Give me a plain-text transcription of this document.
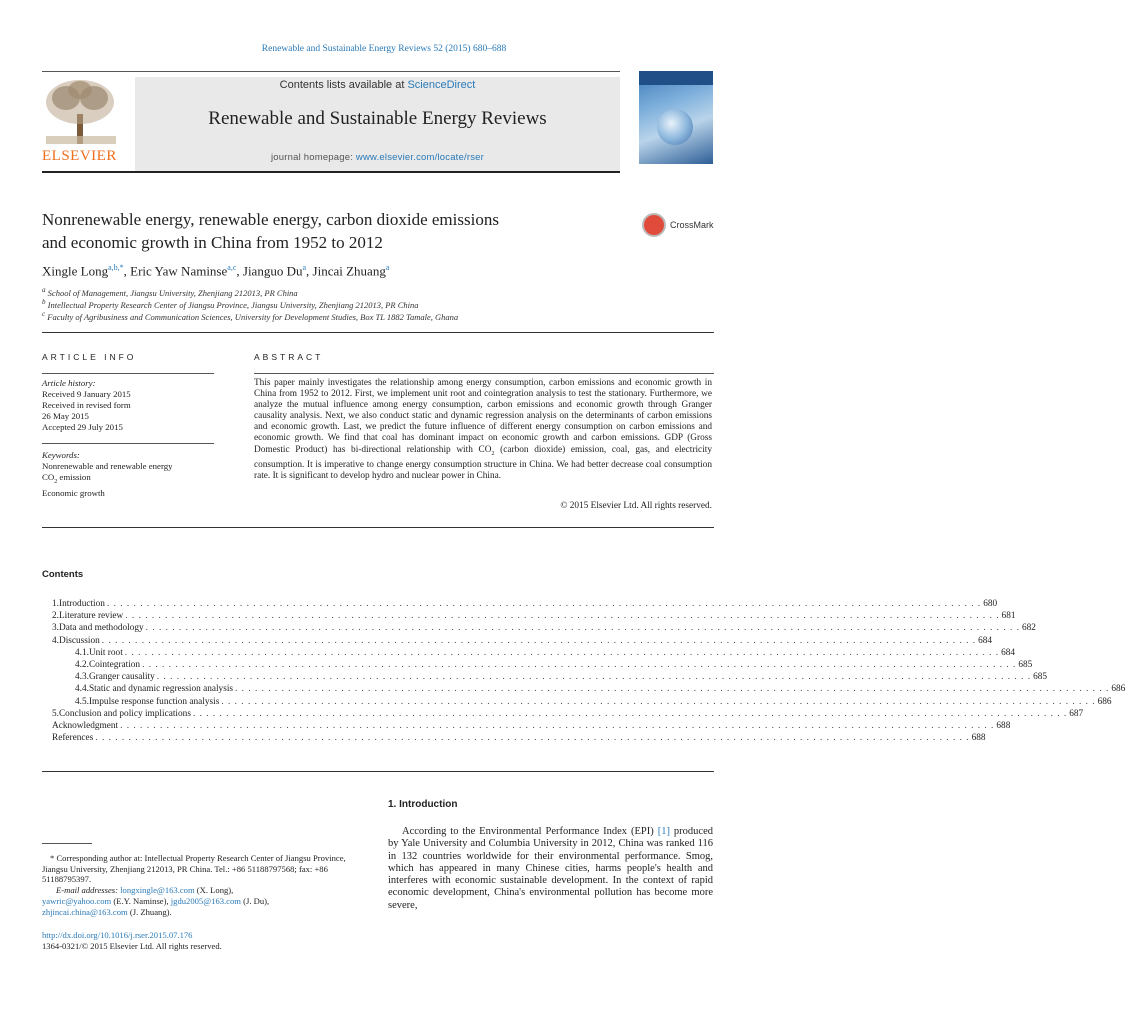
Renewable and Sustainable Energy Reviews 52 (2015) 680–688
ELSEVIER
Contents lists available at ScienceDirect
Renewable and Sustainable Energy Reviews
journal homepage: www.elsevier.com/locate/rser
Nonrenewable energy, renewable energy, carbon dioxide emissions
and economic growth in China from 1952 to 2012
CrossMark
Xingle Long$^{a,b,*}$, Eric Yaw Naminse$^{a,c}$, Jianguo Du$^a$, Jincai Zhuang$^a$
$^a$ School of Management, Jiangsu University, Zhenjiang 212013, PR China
$^b$ Intellectual Property Research Center of Jiangsu Province, Jiangsu University, Zhenjiang 212013, PR China
$^c$ Faculty of Agribusiness and Communication Sciences, University for Development Studies, Box TL 1882 Tamale, Ghana
ARTICLE INFO
Article history:
Received 9 January 2015
Received in revised form
26 May 2015
Accepted 29 July 2015
Keywords:
Nonrenewable and renewable energy
$CO_2$ emission
Economic growth
ABSTRACT
This paper mainly investigates the relationship among energy consumption, carbon emissions and economic growth in China from 1952 to 2012. First, we implement unit root and cointegration analysis to test the stationary. Furthermore, we analyze the mutual influence among energy consumption, carbon emissions and economic growth through Granger causality analysis. Next, we also conduct static and dynamic regression analysis on the determinants of carbon emissions and economic growth. Last, we predict the future influence of different energy consumption on carbon emissions and economic growth. We find that coal has dominant impact on economic growth and carbon emissions. GDP (Gross Domestic Product) has bi-directional relationship with $CO_2$ (carbon dioxide) emission, coal, gas, and electricity consumption. It is imperative to change energy consumption structure in China. We had better decrease coal consumption rate. It is significant to develop hydro and nuclear power in China.
© 2015 Elsevier Ltd. All rights reserved.
Contents
1. Introduction . . . . . . . . . . . . . . . . . . . . . . . . . . . . . . . . . . . . . . . . . . . . . . . . . . . . . . . . . . . . . . . . . . . . . . . . . . . . . . . . . . . . . . . . . . . . . . . . . . . . . . . . . . . . . . . . . . . . . . . . . . . . . . . . . . . . 680
2. Literature review . . . . . . . . . . . . . . . . . . . . . . . . . . . . . . . . . . . . . . . . . . . . . . . . . . . . . . . . . . . . . . . . . . . . . . . . . . . . . . . . . . . . . . . . . . . . . . . . . . . . . . . . . . . . . . . . . . . . . . . . . . . . . . . . . . . . 681
3. Data and methodology . . . . . . . . . . . . . . . . . . . . . . . . . . . . . . . . . . . . . . . . . . . . . . . . . . . . . . . . . . . . . . . . . . . . . . . . . . . . . . . . . . . . . . . . . . . . . . . . . . . . . . . . . . . . . . . . . . . . . . . . . . . . . . . . . . . . 682
4. Discussion . . . . . . . . . . . . . . . . . . . . . . . . . . . . . . . . . . . . . . . . . . . . . . . . . . . . . . . . . . . . . . . . . . . . . . . . . . . . . . . . . . . . . . . . . . . . . . . . . . . . . . . . . . . . . . . . . . . . . . . . . . . . . . . . . . . . 684
4.1. Unit root . . . . . . . . . . . . . . . . . . . . . . . . . . . . . . . . . . . . . . . . . . . . . . . . . . . . . . . . . . . . . . . . . . . . . . . . . . . . . . . . . . . . . . . . . . . . . . . . . . . . . . . . . . . . . . . . . . . . . . . . . . . . . . . . . . . . 684
4.2. Cointegration . . . . . . . . . . . . . . . . . . . . . . . . . . . . . . . . . . . . . . . . . . . . . . . . . . . . . . . . . . . . . . . . . . . . . . . . . . . . . . . . . . . . . . . . . . . . . . . . . . . . . . . . . . . . . . . . . . . . . . . . . . . . . . . . . . . . 685
4.3. Granger causality . . . . . . . . . . . . . . . . . . . . . . . . . . . . . . . . . . . . . . . . . . . . . . . . . . . . . . . . . . . . . . . . . . . . . . . . . . . . . . . . . . . . . . . . . . . . . . . . . . . . . . . . . . . . . . . . . . . . . . . . . . . . . . . . . . . . 685
4.4. Static and dynamic regression analysis . . . . . . . . . . . . . . . . . . . . . . . . . . . . . . . . . . . . . . . . . . . . . . . . . . . . . . . . . . . . . . . . . . . . . . . . . . . . . . . . . . . . . . . . . . . . . . . . . . . . . . . . . . . . . . . . . . . . . . . . . . . . . . . . . . . . 686
4.5. Impulse response function analysis . . . . . . . . . . . . . . . . . . . . . . . . . . . . . . . . . . . . . . . . . . . . . . . . . . . . . . . . . . . . . . . . . . . . . . . . . . . . . . . . . . . . . . . . . . . . . . . . . . . . . . . . . . . . . . . . . . . . . . . . . . . . . . . . . . . . 686
5. Conclusion and policy implications . . . . . . . . . . . . . . . . . . . . . . . . . . . . . . . . . . . . . . . . . . . . . . . . . . . . . . . . . . . . . . . . . . . . . . . . . . . . . . . . . . . . . . . . . . . . . . . . . . . . . . . . . . . . . . . . . . . . . . . . . . . . . . . . . . . . 687
Acknowledgment . . . . . . . . . . . . . . . . . . . . . . . . . . . . . . . . . . . . . . . . . . . . . . . . . . . . . . . . . . . . . . . . . . . . . . . . . . . . . . . . . . . . . . . . . . . . . . . . . . . . . . . . . . . . . . . . . . . . . . . . . . . . . . . . . . . . 688
References . . . . . . . . . . . . . . . . . . . . . . . . . . . . . . . . . . . . . . . . . . . . . . . . . . . . . . . . . . . . . . . . . . . . . . . . . . . . . . . . . . . . . . . . . . . . . . . . . . . . . . . . . . . . . . . . . . . . . . . . . . . . . . . . . . . . 688
1. Introduction
According to the Environmental Performance Index (EPI) [1] produced by Yale University and Columbia University in 2012, China was ranked 116 in 132 countries worldwide for their environmental performance. Smog, which has appeared in many Chinese cities, harms people's health and interferes with economic sustainable development. In the context of rapid economic development, China's environmental pollution has become more severe,
* Corresponding author at: Intellectual Property Research Center of Jiangsu Province, Jiangsu University, Zhenjiang 212013, PR China. Tel.: +86 51188797568; fax: +86 51188795397.
E-mail addresses: longxingle@163.com (X. Long),
yawric@yahoo.com (E.Y. Naminse), jgdu2005@163.com (J. Du),
zhjincai.china@163.com (J. Zhuang).
http://dx.doi.org/10.1016/j.rser.2015.07.176
1364-0321/© 2015 Elsevier Ltd. All rights reserved.
